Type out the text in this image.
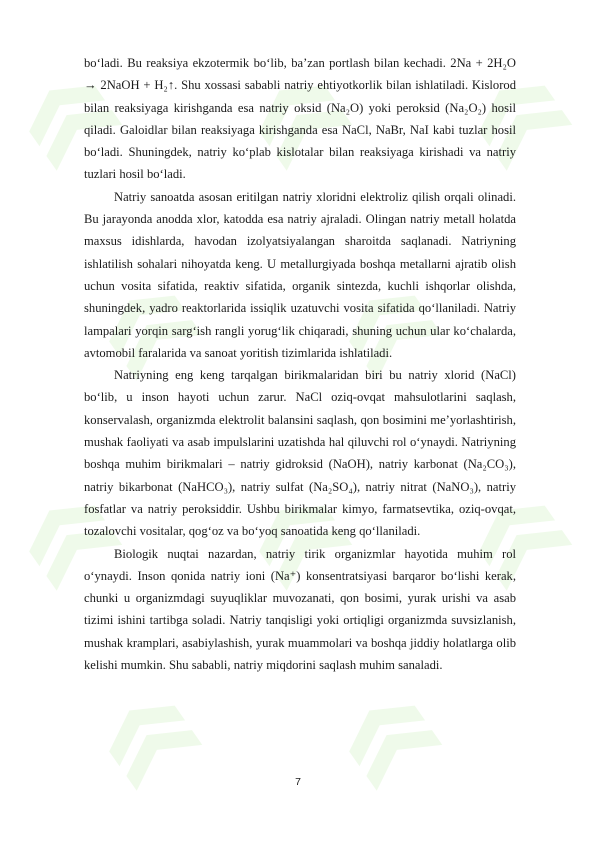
bo‘ladi. Bu reaksiya ekzotermik bo‘lib, ba’zan portlash bilan kechadi. 2Na + 2H₂O → 2NaOH + H₂↑. Shu xossasi sababli natriy ehtiyotkorlik bilan ishlatiladi. Kislorod bilan reaksiyaga kirishganda esa natriy oksid (Na₂O) yoki peroksid (Na₂O₂) hosil qiladi. Galoidlar bilan reaksiyaga kirishganda esa NaCl, NaBr, NaI kabi tuzlar hosil bo‘ladi. Shuningdek, natriy ko‘plab kislotalar bilan reaksiyaga kirishadi va natriy tuzlari hosil bo‘ladi.

Natriy sanoatda asosan eritilgan natriy xloridni elektroliz qilish orqali olinadi. Bu jarayonda anodda xlor, katodda esa natriy ajraladi. Olingan natriy metall holatda maxsus idishlarda, havodan izolyatsiyalangan sharoitda saqlanadi. Natriyning ishlatilish sohalari nihoyatda keng. U metallurgiyada boshqa metallarni ajratib olish uchun vosita sifatida, reaktiv sifatida, organik sintezda, kuchli ishqorlar olishda, shuningdek, yadro reaktorlarida issiqlik uzatuvchi vosita sifatida qo‘llaniladi. Natriy lampalari yorqin sarg‘ish rangli yorug‘lik chiqaradi, shuning uchun ular ko‘chalarda, avtomobil faralarida va sanoat yoritish tizimlarida ishlatiladi.

Natriyning eng keng tarqalgan birikmalaridan biri bu natriy xlorid (NaCl) bo‘lib, u inson hayoti uchun zarur. NaCl oziq-ovqat mahsulotlarini saqlash, konservalash, organizmda elektrolit balansini saqlash, qon bosimini me’yorlashtirish, mushak faoliyati va asab impulslarini uzatishda hal qiluvchi rol o‘ynaydi. Natriyning boshqa muhim birikmalari – natriy gidroksid (NaOH), natriy karbonat (Na₂CO₃), natriy bikarbonat (NaHCO₃), natriy sulfat (Na₂SO₄), natriy nitrat (NaNO₃), natriy fosfatlar va natriy peroksiddir. Ushbu birikmalar kimyo, farmatsevtika, oziq-ovqat, tozalovchi vositalar, qog‘oz va bo‘yoq sanoatida keng qo‘llaniladi.

Biologik nuqtai nazardan, natriy tirik organizmlar hayotida muhim rol o‘ynaydi. Inson qonida natriy ioni (Na⁺) konsentratsiyasi barqaror bo‘lishi kerak, chunki u organizmdagi suyuqliklar muvozanati, qon bosimi, yurak urishi va asab tizimi ishini tartibga soladi. Natriy tanqisligi yoki ortiqligi organizmda suvsizlanish, mushak kramplari, asabiylashish, yurak muammolari va boshqa jiddiy holatlarga olib kelishi mumkin. Shu sababli, natriy miqdorini saqlash muhim sanaladi.

7
